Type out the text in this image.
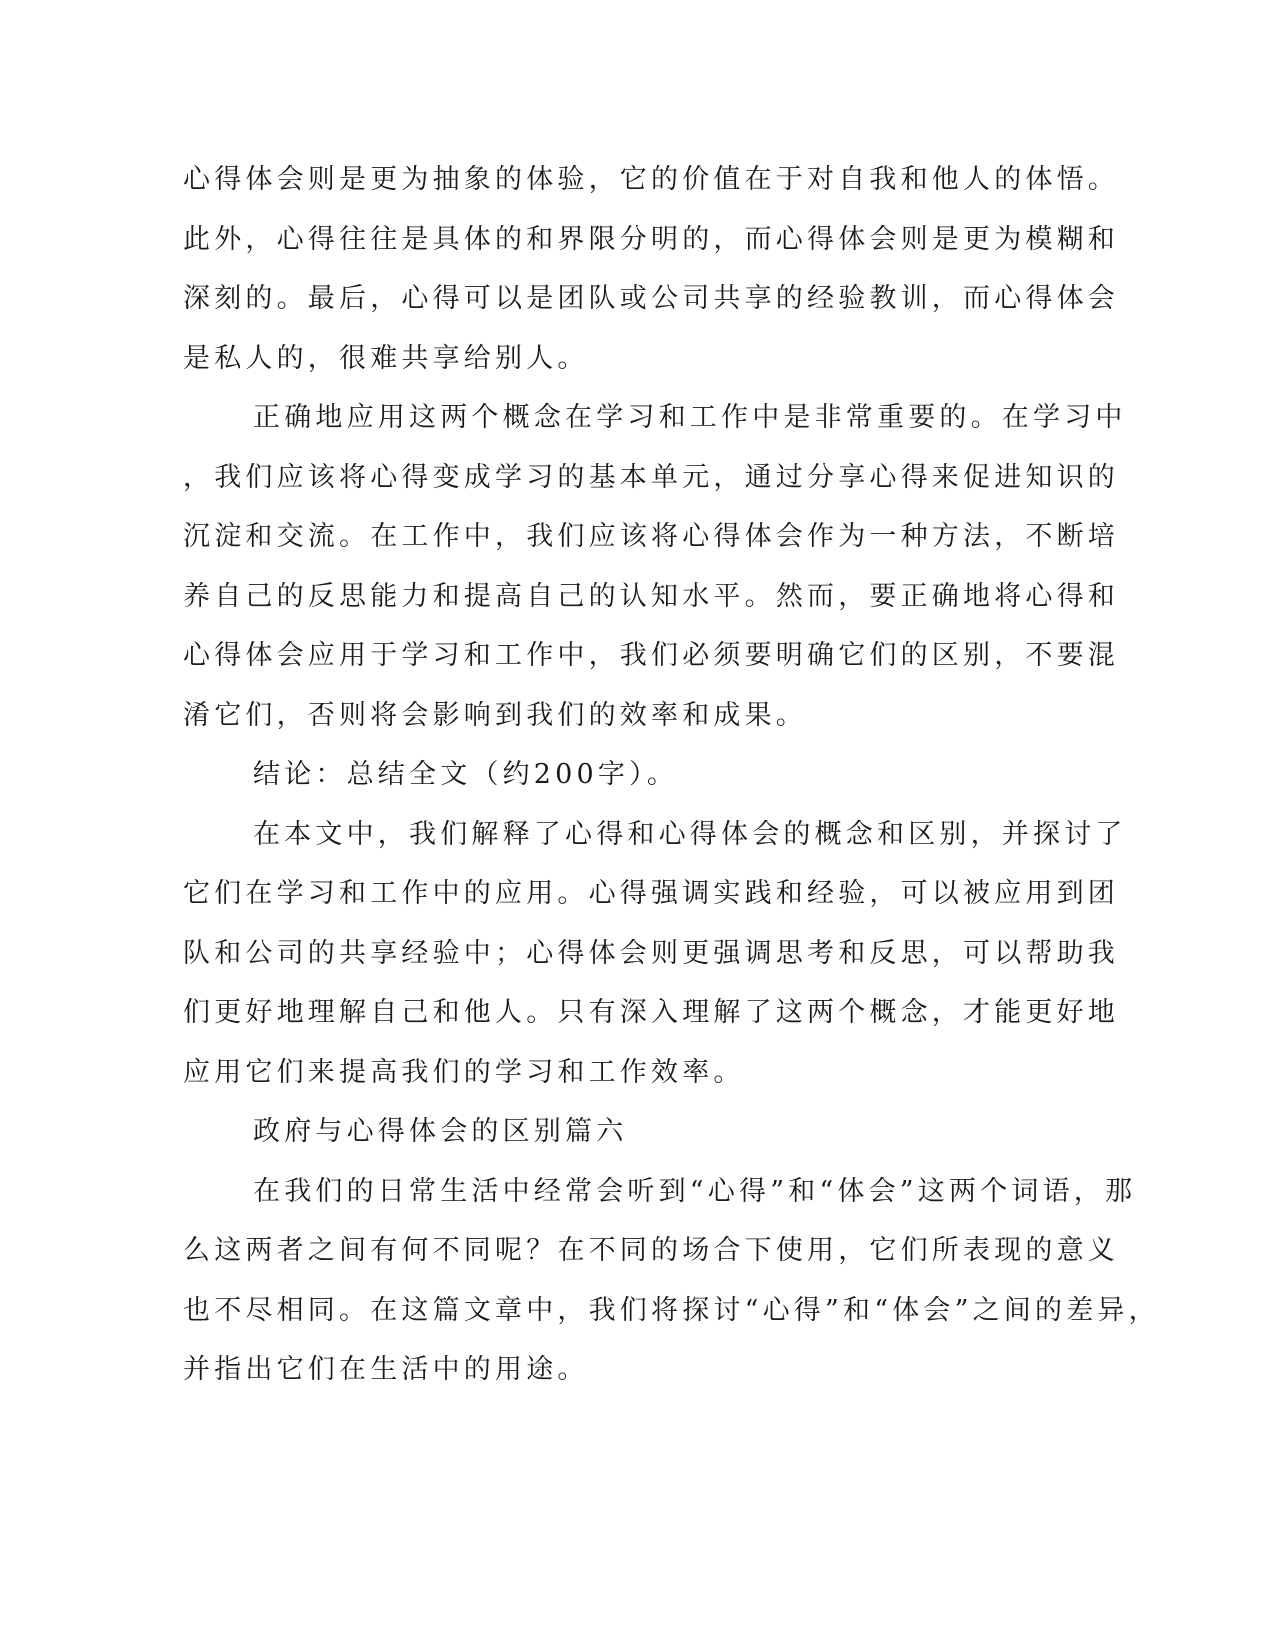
心得体会则是更为抽象的体验，它的价值在于对自我和他人的体悟。
此外，心得往往是具体的和界限分明的，而心得体会则是更为模糊和
深刻的。最后，心得可以是团队或公司共享的经验教训，而心得体会
是私人的，很难共享给别人。
正确地应用这两个概念在学习和工作中是非常重要的。在学习中
，我们应该将心得变成学习的基本单元，通过分享心得来促进知识的
沉淀和交流。在工作中，我们应该将心得体会作为一种方法，不断培
养自己的反思能力和提高自己的认知水平。然而，要正确地将心得和
心得体会应用于学习和工作中，我们必须要明确它们的区别，不要混
淆它们，否则将会影响到我们的效率和成果。
结论：总结全文（约200字）。
在本文中，我们解释了心得和心得体会的概念和区别，并探讨了
它们在学习和工作中的应用。心得强调实践和经验，可以被应用到团
队和公司的共享经验中；心得体会则更强调思考和反思，可以帮助我
们更好地理解自己和他人。只有深入理解了这两个概念，才能更好地
应用它们来提高我们的学习和工作效率。
政府与心得体会的区别篇六
在我们的日常生活中经常会听到“心得”和“体会”这两个词语，那
么这两者之间有何不同呢？在不同的场合下使用，它们所表现的意义
也不尽相同。在这篇文章中，我们将探讨“心得”和“体会”之间的差异，
并指出它们在生活中的用途。
